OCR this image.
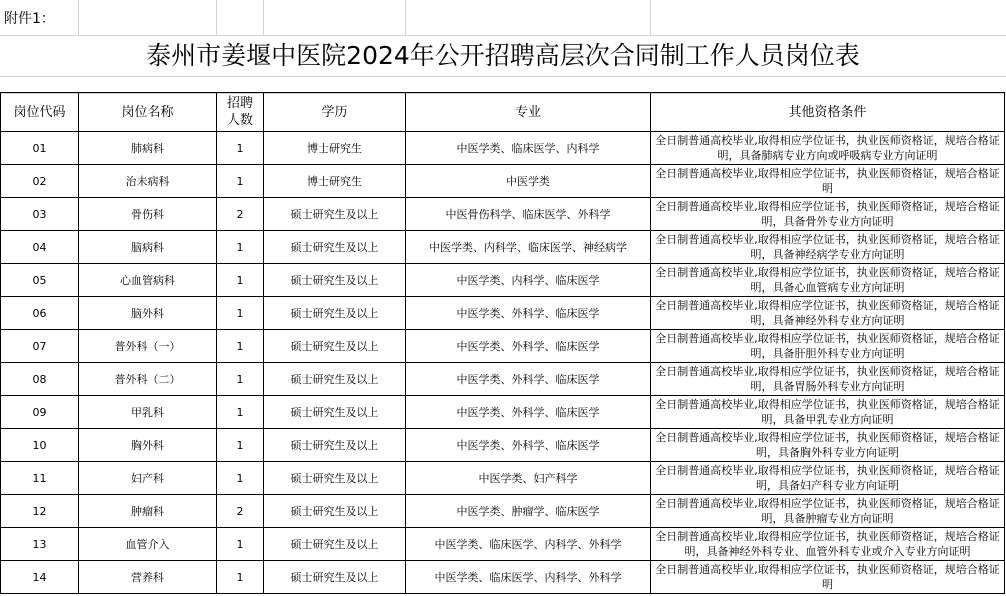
附件1：
泰州市姜堰中医院2024年公开招聘高层次合同制工作人员岗位表
岗位代码	岗位名称	招聘人数	学历	专业	其他资格条件
01	肺病科	1	博士研究生	中医学类、临床医学、内科学	全日制普通高校毕业,取得相应学位证书，执业医师资格证，规培合格证明，具备肺病专业方向或呼吸病专业方向证明
02	治未病科	1	博士研究生	中医学类	全日制普通高校毕业,取得相应学位证书，执业医师资格证，规培合格证明
03	骨伤科	2	硕士研究生及以上	中医骨伤科学、临床医学、外科学	全日制普通高校毕业,取得相应学位证书，执业医师资格证，规培合格证明，具备骨外专业方向证明
04	脑病科	1	硕士研究生及以上	中医学类、内科学、临床医学、神经病学	全日制普通高校毕业,取得相应学位证书，执业医师资格证，规培合格证明，具备神经病学专业方向证明
05	心血管病科	1	硕士研究生及以上	中医学类、内科学、临床医学	全日制普通高校毕业,取得相应学位证书，执业医师资格证，规培合格证明，具备心血管病专业方向证明
06	脑外科	1	硕士研究生及以上	中医学类、外科学、临床医学	全日制普通高校毕业,取得相应学位证书，执业医师资格证，规培合格证明，具备神经外科专业方向证明
07	普外科（一）	1	硕士研究生及以上	中医学类、外科学、临床医学	全日制普通高校毕业,取得相应学位证书，执业医师资格证，规培合格证明，具备肝胆外科专业方向证明
08	普外科（二）	1	硕士研究生及以上	中医学类、外科学、临床医学	全日制普通高校毕业,取得相应学位证书，执业医师资格证，规培合格证明，具备胃肠外科专业方向证明
09	甲乳科	1	硕士研究生及以上	中医学类、外科学、临床医学	全日制普通高校毕业,取得相应学位证书，执业医师资格证，规培合格证明，具备甲乳专业方向证明
10	胸外科	1	硕士研究生及以上	中医学类、外科学、临床医学	全日制普通高校毕业,取得相应学位证书，执业医师资格证，规培合格证明，具备胸外科专业方向证明
11	妇产科	1	硕士研究生及以上	中医学类、妇产科学	全日制普通高校毕业,取得相应学位证书，执业医师资格证，规培合格证明，具备妇产科专业方向证明
12	肿瘤科	2	硕士研究生及以上	中医学类、肿瘤学、临床医学	全日制普通高校毕业,取得相应学位证书，执业医师资格证，规培合格证明，具备肿瘤专业方向证明
13	血管介入	1	硕士研究生及以上	中医学类、临床医学、内科学、外科学	全日制普通高校毕业,取得相应学位证书，执业医师资格证，规培合格证明，具备神经外科专业、血管外科专业或介入专业方向证明
14	营养科	1	硕士研究生及以上	中医学类、临床医学、内科学、外科学	全日制普通高校毕业,取得相应学位证书，执业医师资格证，规培合格证明
